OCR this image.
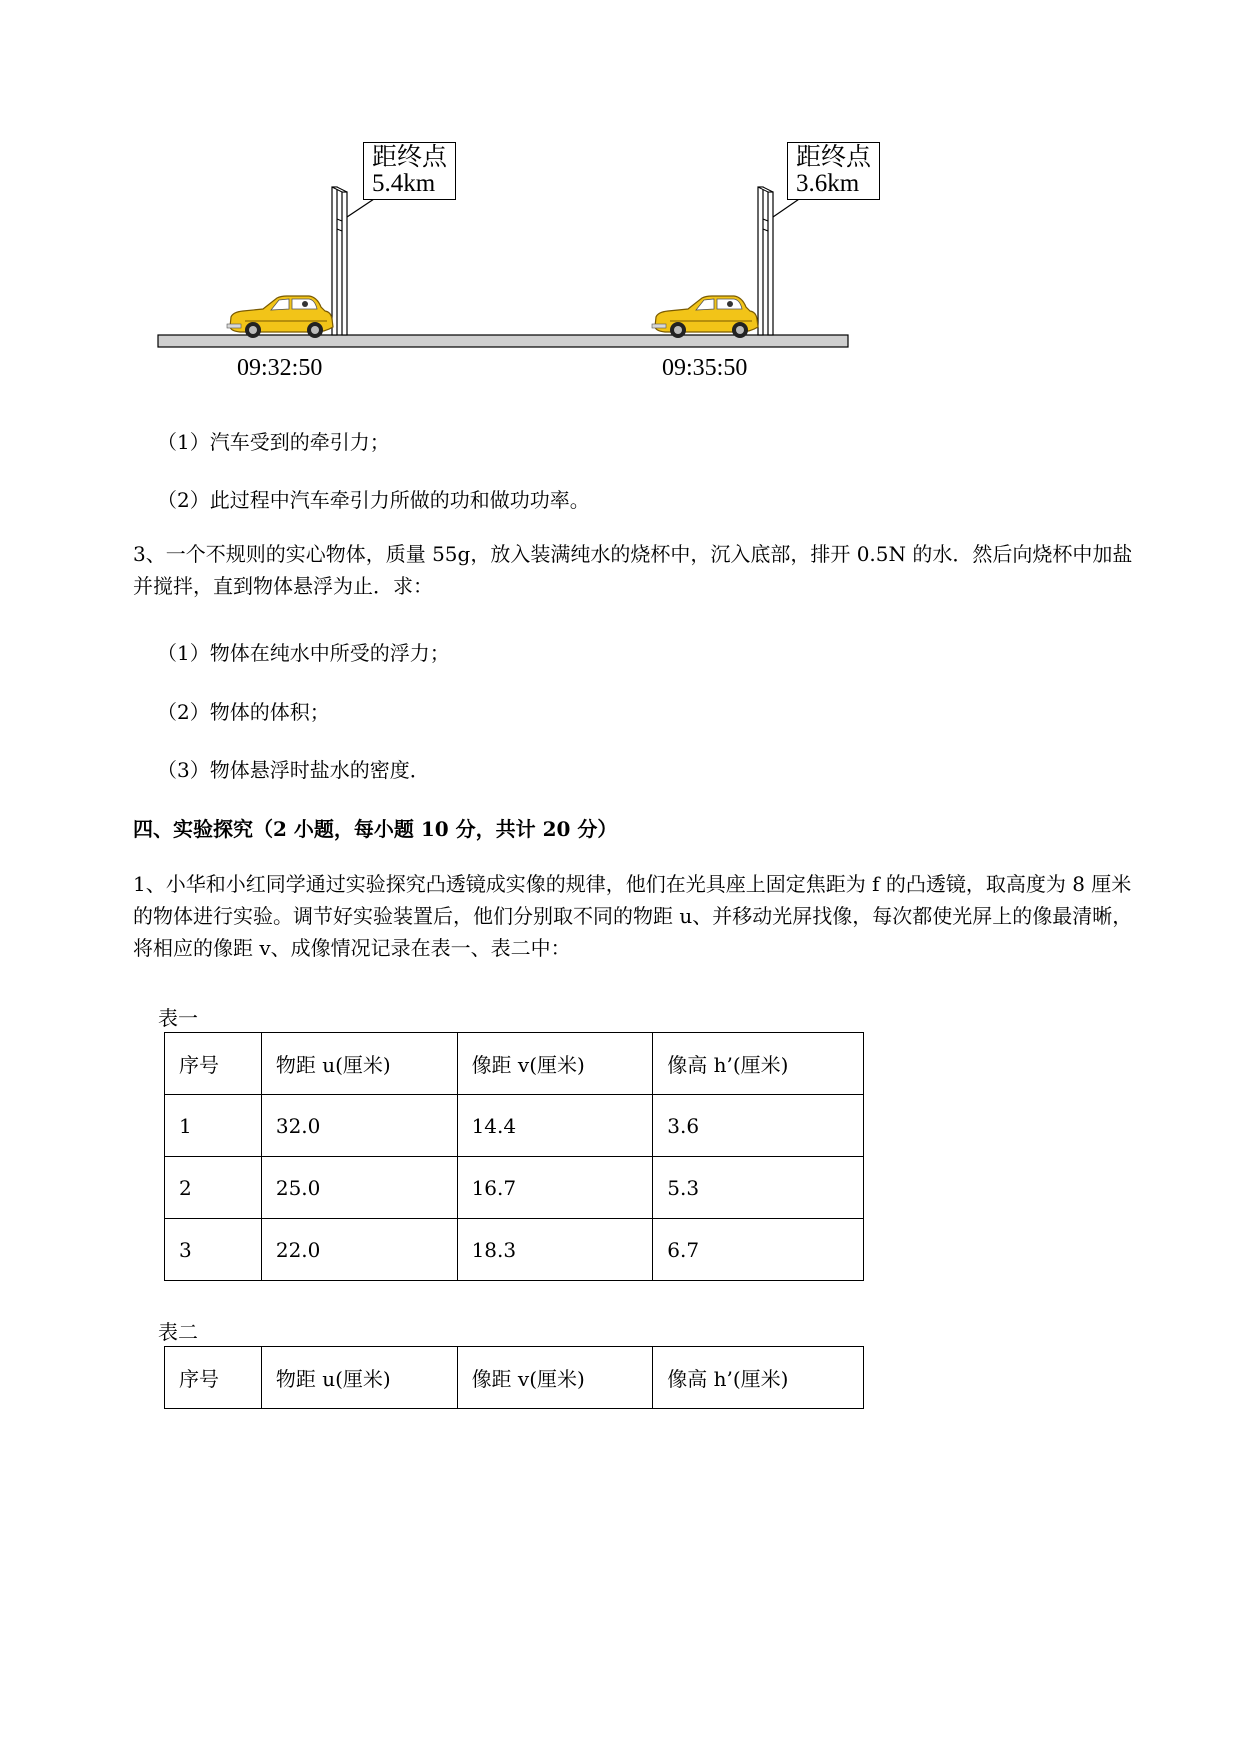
距终点
5.4km
距终点
3.6km
09:32:50	09:35:50
（1）汽车受到的牵引力；
（2）此过程中汽车牵引力所做的功和做功功率。
3、一个不规则的实心物体，质量 55g，放入装满纯水的烧杯中，沉入底部，排开 0.5N 的水．然后向烧杯中加盐并搅拌，直到物体悬浮为止．求：
（1）物体在纯水中所受的浮力；
（2）物体的体积；
（3）物体悬浮时盐水的密度．
四、实验探究（2 小题，每小题 10 分，共计 20 分）
1、小华和小红同学通过实验探究凸透镜成实像的规律，他们在光具座上固定焦距为 f 的凸透镜，取高度为 8 厘米的物体进行实验。调节好实验装置后，他们分别取不同的物距 u、并移动光屏找像，每次都使光屏上的像最清晰，将相应的像距 v、成像情况记录在表一、表二中：
表一
序号	物距 u(厘米)	像距 v(厘米)	像高 h’(厘米)
1	32.0	14.4	3.6
2	25.0	16.7	5.3
3	22.0	18.3	6.7
表二
序号	物距 u(厘米)	像距 v(厘米)	像高 h’(厘米)
